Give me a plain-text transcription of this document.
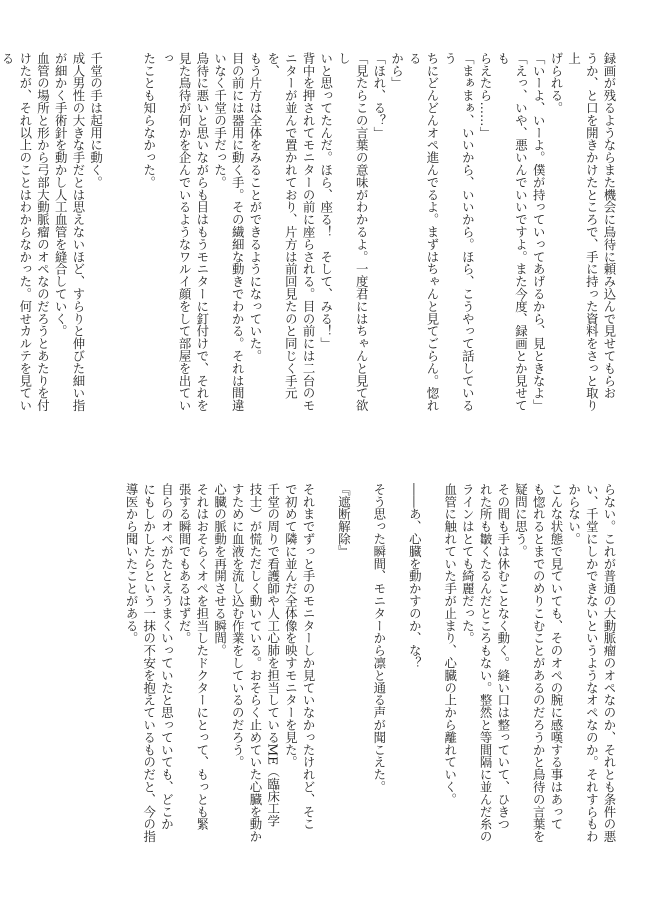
録画が残るようならまた機会に鳥待に頼み込んで見せてもらお

うか、と口を開きかけたところで、手に持った資料をさっと取り上

げられる。

「いーよ、いーよ。僕が持っていってあげるから、見ときなよ」

「えっ、いや、悪いんでいいですよ。また今度、録画とか見せても

らえたら……」

「まぁまぁ、いいから、いいから。ほら、こうやって話しているう

ちにどんどんオペ進んでるよ。まずはちゃんと見てごらん。惚れる

から」

「ほれ、る？」

「見たらこの言葉の意味がわかるよ。一度君にはちゃんと見て欲し

いと思ってたんだ。ほら、座る！　そして、みる！」

背中を押されてモニターの前に座らされる。目の前には二台のモ

ニターが並んで置かれており、片方は前回見たのと同じく手元を、

もう片方は全体をみることができるようになっていた。

目の前には器用に動く手。その繊細な動きでわかる。それは間違

いなく千堂の手だった。

鳥待に悪いと思いながらも目はもうモニターに釘付けで、それを

見た鳥待が何かを企んでいるようなワルイ顔をして部屋を出ていっ

たことも知らなかった。

千堂の手は起用に動く。

成人男性の大きな手だとは思えないほど、すらりと伸びた細い指

が細かく手術針を動かし人工血管を縫合していく。

血管の場所と形から弓部大動脈瘤のオペなのだろうとあたりを付

けたが、それ以上のことはわからなかった。何せカルテを見ている

らない。これが普通の大動脈瘤のオペなのか、それとも条件の悪

い、千堂にしかできないというようなオペなのか。それすらもわ

からない。

こんな状態で見ていても、そのオペの腕に感嘆する事はあって

も惚れるとまでのめりこむことがあるのだろうかと鳥待の言葉を

疑問に思う。

その間も手は休むことなく動く。縫い口は整っていて、ひきつ

れた所も皺くたるんだところもない。整然と等間隔に並んだ糸の

ラインはとても綺麗だった。

血管に触れていた手が止まり、心臓の上から離れていく。

――あ、心臓を動かすのか、な？

そう思った瞬間、モニターから凛と通る声が聞こえた。

『遮断解除』

それまでずっと手のモニターしか見ていなかったけれど、そこ

で初めて隣に並んだ全体像を映すモニターを見た。

千堂の周りで看護師や人工心肺を担当しているME（臨床工学

技士）が慌ただしく動いている。おそらく止めていた心臓を動か

すために血液を流し込む作業をしているのだろう。

心臓の脈動を再開させる瞬間。

それはおそらくオペを担当したドクターにとって、もっとも緊

張する瞬間でもあるはずだ。

自らのオペがたとえうまくいっていたと思っていても、どこか

にもしかしたらという一抹の不安を抱えているものだと、今の指

導医から聞いたことがある。
